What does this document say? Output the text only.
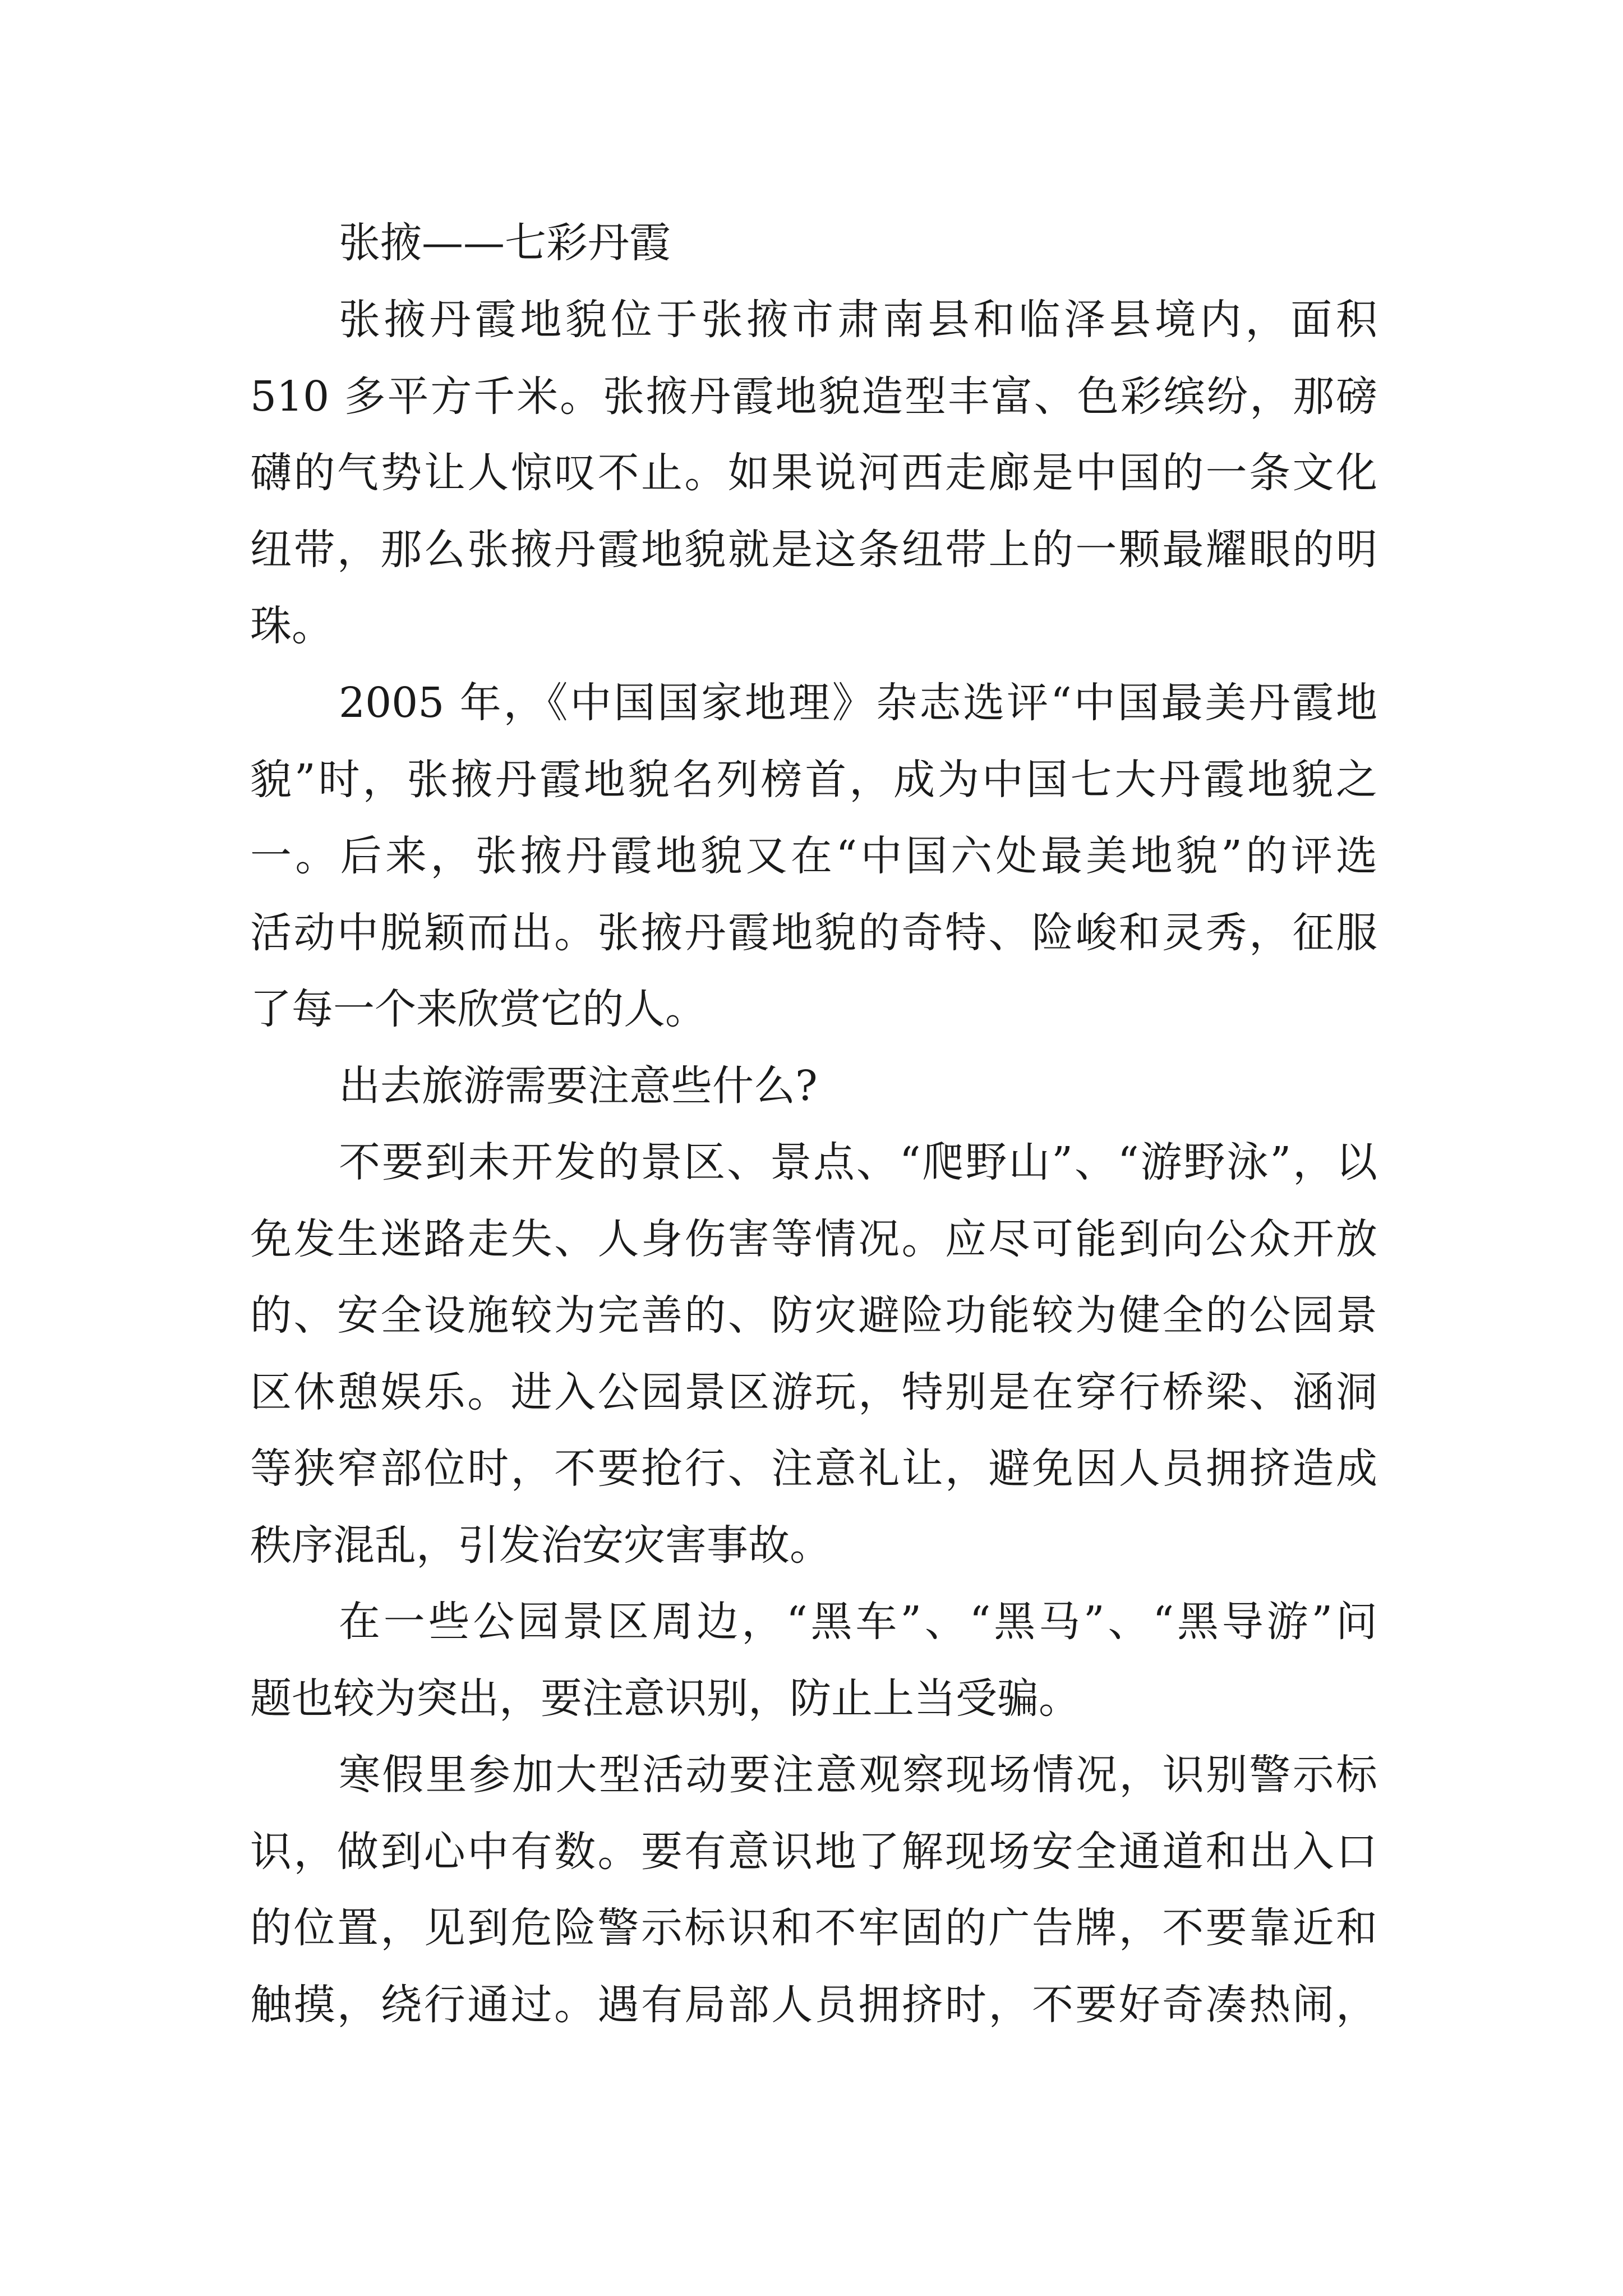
张掖——七彩丹霞
张掖丹霞地貌位于张掖市肃南县和临泽县境内，面积
510 多平方千米。张掖丹霞地貌造型丰富、色彩缤纷，那磅
礴的气势让人惊叹不止。如果说河西走廊是中国的一条文化
纽带，那么张掖丹霞地貌就是这条纽带上的一颗最耀眼的明
珠。
2005 年，《中国国家地理》杂志选评“中国最美丹霞地
貌”时，张掖丹霞地貌名列榜首，成为中国七大丹霞地貌之
一。后来，张掖丹霞地貌又在“中国六处最美地貌”的评选
活动中脱颖而出。张掖丹霞地貌的奇特、险峻和灵秀，征服
了每一个来欣赏它的人。
出去旅游需要注意些什么?
不要到未开发的景区、景点、“爬野山”、“游野泳”，以
免发生迷路走失、人身伤害等情况。应尽可能到向公众开放
的、安全设施较为完善的、防灾避险功能较为健全的公园景
区休憩娱乐。进入公园景区游玩，特别是在穿行桥梁、涵洞
等狭窄部位时，不要抢行、注意礼让，避免因人员拥挤造成
秩序混乱，引发治安灾害事故。
在一些公园景区周边，“黑车”、“黑马”、“黑导游”问
题也较为突出，要注意识别，防止上当受骗。
寒假里参加大型活动要注意观察现场情况，识别警示标
识，做到心中有数。要有意识地了解现场安全通道和出入口
的位置，见到危险警示标识和不牢固的广告牌，不要靠近和
触摸，绕行通过。遇有局部人员拥挤时，不要好奇凑热闹，
